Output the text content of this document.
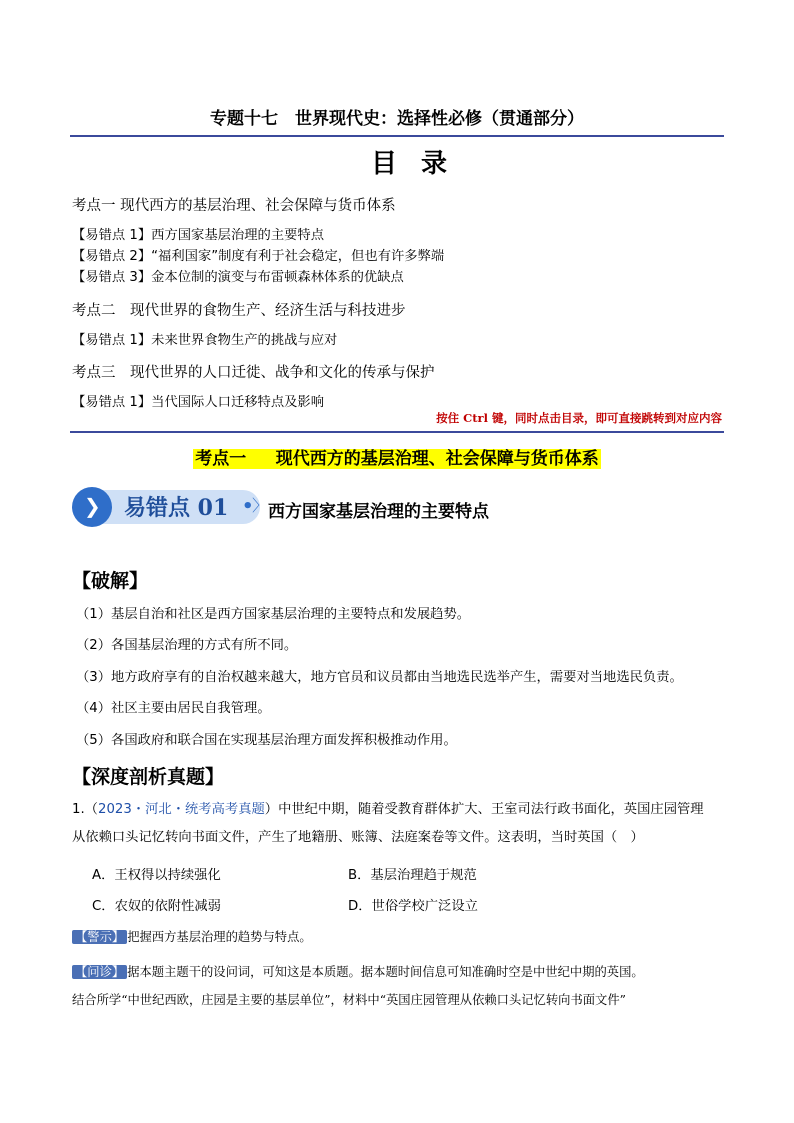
专题十七　世界现代史：选择性必修（贯通部分）
目录
考点一 现代西方的基层治理、社会保障与货币体系
【易错点 1】西方国家基层治理的主要特点
【易错点 2】“福利国家”制度有利于社会稳定，但也有许多弊端
【易错点 3】金本位制的演变与布雷顿森林体系的优缺点
考点二　现代世界的食物生产、经济生活与科技进步
【易错点 1】未来世界食物生产的挑战与应对
考点三　现代世界的人口迁徙、战争和文化的传承与保护
【易错点 1】当代国际人口迁移特点及影响
按住 Ctrl 键，同时点击目录，即可直接跳转到对应内容
考点一     现代西方的基层治理、社会保障与货币体系
❯ 易错点 01 •
〉 西方国家基层治理的主要特点
【破解】
（1）基层自治和社区是西方国家基层治理的主要特点和发展趋势。
（2）各国基层治理的方式有所不同。
（3）地方政府享有的自治权越来越大，地方官员和议员都由当地选民选举产生，需要对当地选民负责。
（4）社区主要由居民自我管理。
（5）各国政府和联合国在实现基层治理方面发挥积极推动作用。
【深度剖析真题】
1.（2023・河北・统考高考真题）中世纪中期，随着受教育群体扩大、王室司法行政书面化，英国庄园管理
从依赖口头记忆转向书面文件，产生了地籍册、账簿、法庭案卷等文件。这表明，当时英国（　）
A．王权得以持续强化	B．基层治理趋于规范
C．农奴的依附性减弱	D．世俗学校广泛设立
【警示】 把握西方基层治理的趋势与特点。
【问诊】 据本题主题干的设问词，可知这是本质题。据本题时间信息可知准确时空是中世纪中期的英国。
结合所学“中世纪西欧，庄园是主要的基层单位”，材料中“英国庄园管理从依赖口头记忆转向书面文件”
